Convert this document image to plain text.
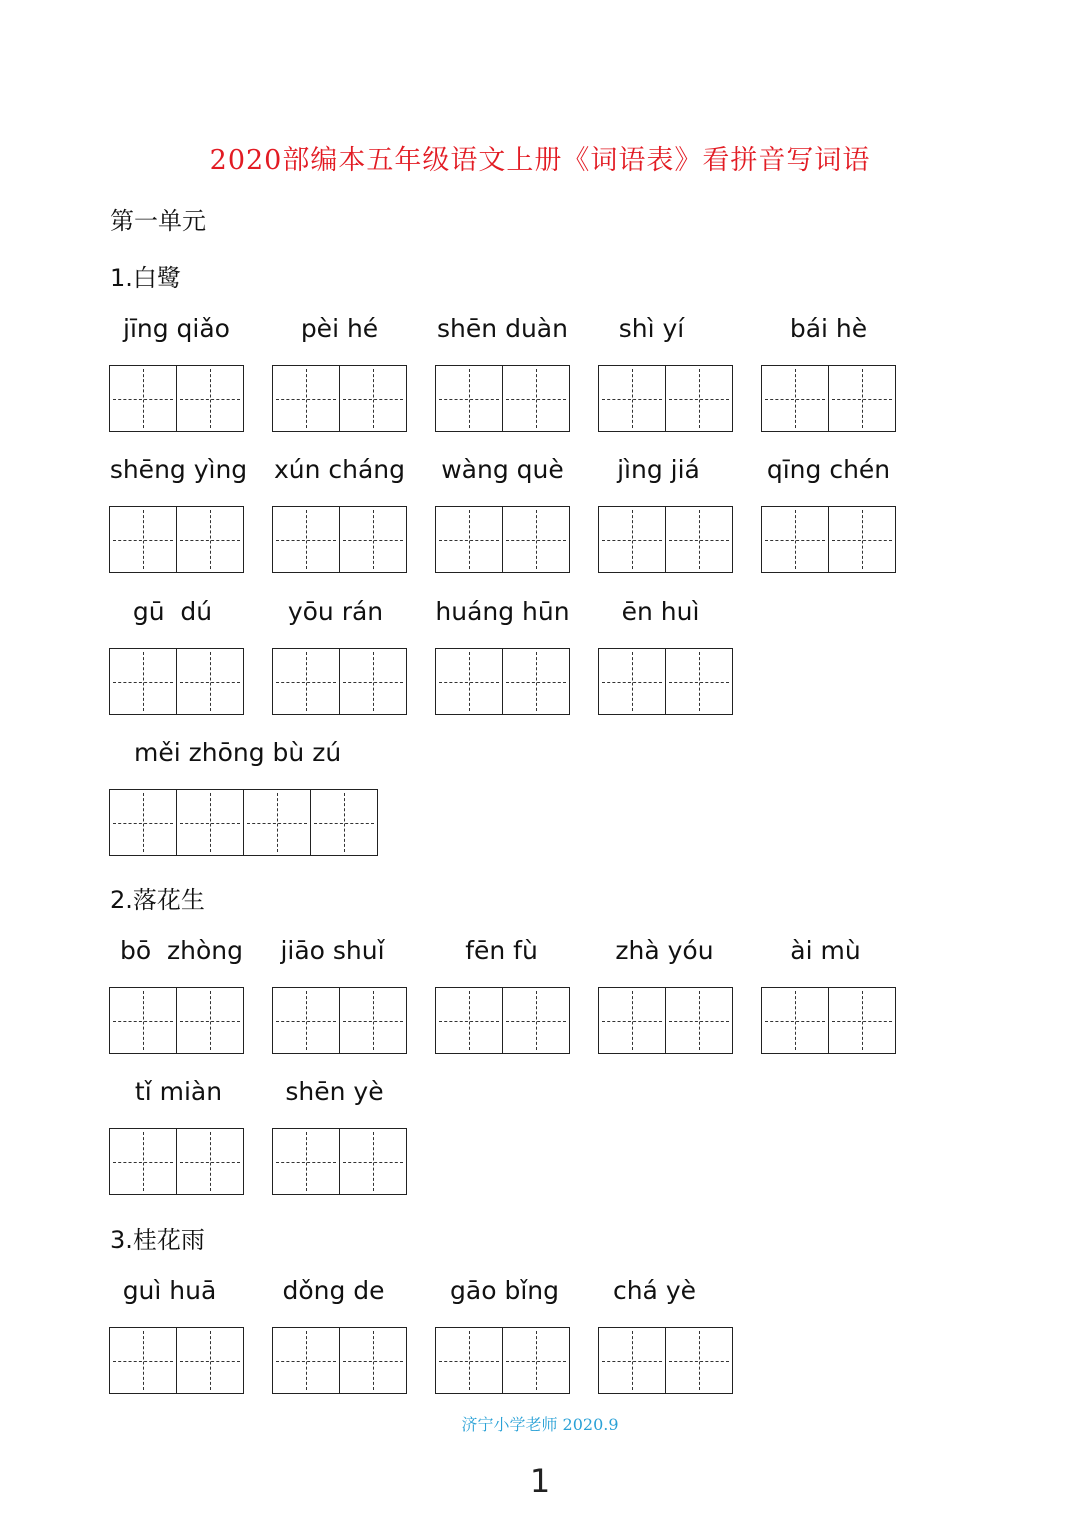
2020部编本五年级语文上册《词语表》看拼音写词语
第一单元
1.白鹭
jīng qiǎo	pèi hé	shēn duàn	shì yí	bái hè
shēng yìng	xún cháng	wàng què	jìng jiá	qīng chén
gū  dú	yōu rán	huáng hūn	ēn huì
měi zhōng bù zú
2.落花生
bō  zhòng	jiāo shuǐ	fēn fù	zhà yóu	ài mù
tǐ miàn	shēn yè
3.桂花雨
guì huā	dǒng de	gāo bǐng	chá yè
济宁小学老师 2020.9
1
